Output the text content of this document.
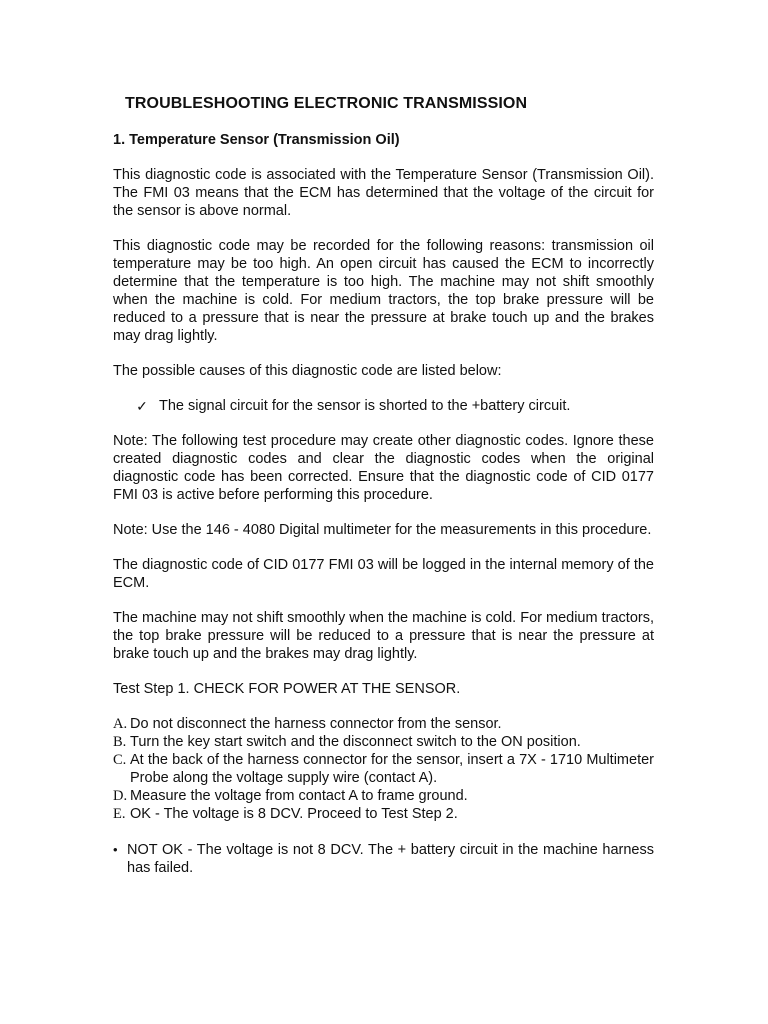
TROUBLESHOOTING ELECTRONIC TRANSMISSION
1. Temperature Sensor (Transmission Oil)

This diagnostic code is associated with the Temperature Sensor (Transmission Oil). The FMI 03 means that the ECM has determined that the voltage of the circuit for the sensor is above normal.

This diagnostic code may be recorded for the following reasons: transmission oil temperature may be too high. An open circuit has caused the ECM to incorrectly determine that the temperature is too high. The machine may not shift smoothly when the machine is cold. For medium tractors, the top brake pressure will be reduced to a pressure that is near the pressure at brake touch up and the brakes may drag lightly.

The possible causes of this diagnostic code are listed below:

✓ The signal circuit for the sensor is shorted to the +battery circuit.

Note: The following test procedure may create other diagnostic codes. Ignore these created diagnostic codes and clear the diagnostic codes when the original diagnostic code has been corrected. Ensure that the diagnostic code of CID 0177 FMI 03 is active before performing this procedure.

Note: Use the 146 - 4080 Digital multimeter for the measurements in this procedure.

The diagnostic code of CID 0177 FMI 03 will be logged in the internal memory of the ECM.

The machine may not shift smoothly when the machine is cold. For medium tractors, the top brake pressure will be reduced to a pressure that is near the pressure at brake touch up and the brakes may drag lightly.

Test Step 1. CHECK FOR POWER AT THE SENSOR.

A. Do not disconnect the harness connector from the sensor.
B. Turn the key start switch and the disconnect switch to the ON position.
C. At the back of the harness connector for the sensor, insert a 7X - 1710 Multimeter Probe along the voltage supply wire (contact A).
D. Measure the voltage from contact A to frame ground.
E. OK - The voltage is 8 DCV. Proceed to Test Step 2.
• NOT OK - The voltage is not 8 DCV. The + battery circuit in the machine harness has failed.
